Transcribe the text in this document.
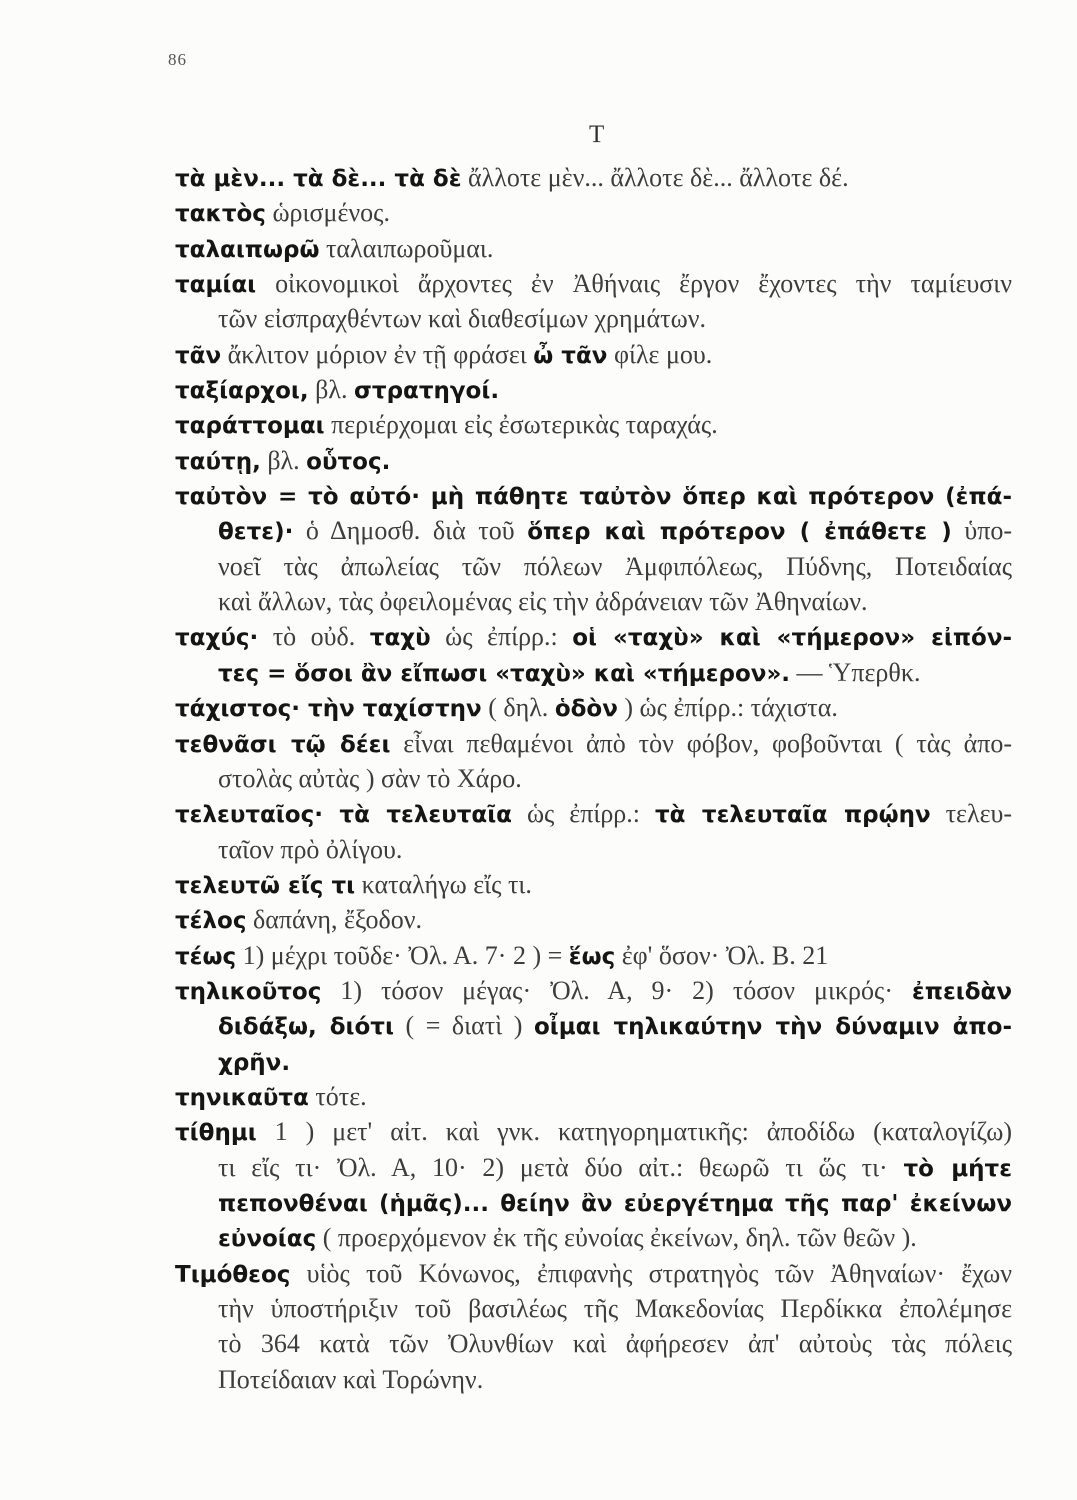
86
Τ
τὰ μὲν... τὰ δὲ... τὰ δὲ ἄλλοτε μὲν... ἄλλοτε δὲ... ἄλλοτε δέ.
τακτὸς ὡρισμένος.
ταλαιπωρῶ ταλαιπωροῦμαι.
ταμίαι οἰκονομικοὶ ἄρχοντες ἐν Ἀθήναις ἔργον ἔχοντες τὴν ταμίευσιν
τῶν εἰσπραχθέντων καὶ διαθεσίμων χρημάτων.
τᾶν ἄκλιτον μόριον ἐν τῇ φράσει ὦ τᾶν φίλε μου.
ταξίαρχοι, βλ. στρατηγοί.
ταράττομαι περιέρχομαι εἰς ἐσωτερικὰς ταραχάς.
ταύτῃ, βλ. οὗτος.
ταὐτὸν = τὸ αὐτό· μὴ πάθητε ταὐτὸν ὅπερ καὶ πρότερον (ἐπά-
θετε)· ὁ Δημοσθ. διὰ τοῦ ὅπερ καὶ πρότερον ( ἐπάθετε ) ὑπο-
νοεῖ τὰς ἀπωλείας τῶν πόλεων Ἀμφιπόλεως, Πύδνης, Ποτειδαίας
καὶ ἄλλων, τὰς ὀφειλομένας εἰς τὴν ἀδράνειαν τῶν Ἀθηναίων.
ταχύς· τὸ οὐδ. ταχὺ ὡς ἐπίρρ.: οἱ «ταχὺ» καὶ «τήμερον» εἰπόν-
τες = ὅσοι ἂν εἴπωσι «ταχὺ» καὶ «τήμερον». — Ὑπερθκ.
τάχιστος· τὴν ταχίστην ( δηλ. ὁδὸν ) ὡς ἐπίρρ.: τάχιστα.
τεθνᾶσι τῷ δέει εἶναι πεθαμένοι ἀπὸ τὸν φόβον, φοβοῦνται ( τὰς ἀπο-
στολὰς αὐτὰς ) σὰν τὸ Χάρο.
τελευταῖος· τὰ τελευταῖα ὡς ἐπίρρ.: τὰ τελευταῖα πρῴην τελευ-
ταῖον πρὸ ὀλίγου.
τελευτῶ εἴς τι καταλήγω εἴς τι.
τέλος δαπάνη, ἔξοδον.
τέως 1) μέχρι τοῦδε· Ὀλ. Α. 7· 2 ) = ἕως ἐφ' ὅσον· Ὀλ. Β. 21
τηλικοῦτος 1) τόσον μέγας· Ὀλ. Α, 9· 2) τόσον μικρός· ἐπειδὰν
διδάξω, διότι ( = διατὶ ) οἶμαι τηλικαύτην τὴν δύναμιν ἀπο-
χρῆν.
τηνικαῦτα τότε.
τίθημι 1 ) μετ' αἰτ. καὶ γνκ. κατηγορηματικῆς: ἀποδίδω (καταλογίζω)
τι εἴς τι· Ὀλ. Α, 10· 2) μετὰ δύο αἰτ.: θεωρῶ τι ὥς τι· τὸ μήτε
πεπονθέναι (ἡμᾶς)... θείην ἂν εὐεργέτημα τῆς παρ' ἐκείνων
εὐνοίας ( προερχόμενον ἐκ τῆς εὐνοίας ἐκείνων, δηλ. τῶν θεῶν ).
Τιμόθεος υἱὸς τοῦ Κόνωνος, ἐπιφανὴς στρατηγὸς τῶν Ἀθηναίων· ἔχων
τὴν ὑποστήριξιν τοῦ βασιλέως τῆς Μακεδονίας Περδίκκα ἐπολέμησε
τὸ 364 κατὰ τῶν Ὀλυνθίων καὶ ἀφήρεσεν ἀπ' αὐτοὺς τὰς πόλεις
Ποτείδαιαν καὶ Τορώνην.
